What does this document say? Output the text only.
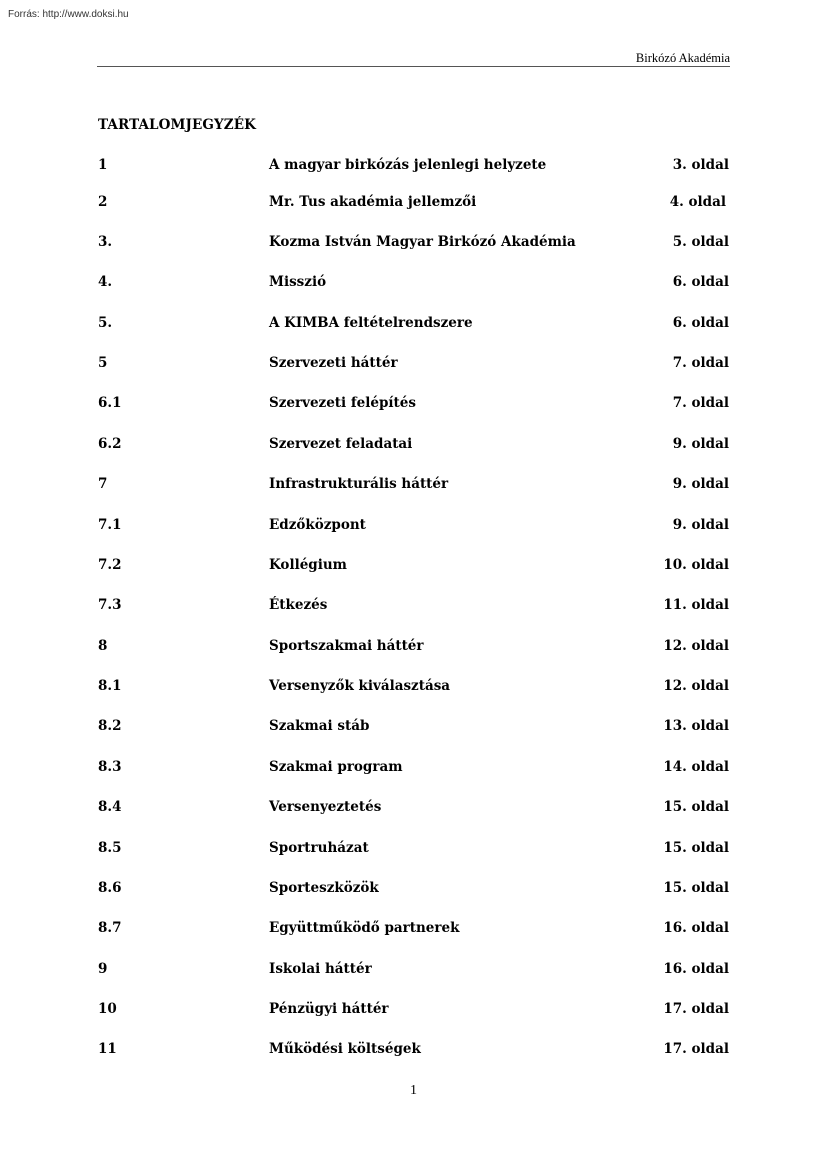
Forrás: http://www.doksi.hu
Birkózó Akadémia
TARTALOMJEGYZÉK
1	A magyar birkózás jelenlegi helyzete	3. oldal
2	Mr. Tus akadémia jellemzői	4. oldal
3.	Kozma István Magyar Birkózó Akadémia	5. oldal
4.	Misszió	6. oldal
5.	A KIMBA feltételrendszere	6. oldal
5	Szervezeti háttér	7. oldal
6.1	Szervezeti felépítés	7. oldal
6.2	Szervezet feladatai	9. oldal
7	Infrastrukturális háttér	9. oldal
7.1	Edzőközpont	9. oldal
7.2	Kollégium	10. oldal
7.3	Étkezés	11. oldal
8	Sportszakmai háttér	12. oldal
8.1	Versenyzők kiválasztása	12. oldal
8.2	Szakmai stáb	13. oldal
8.3	Szakmai program	14. oldal
8.4	Versenyeztetés	15. oldal
8.5	Sportruházat	15. oldal
8.6	Sporteszközök	15. oldal
8.7	Együttműködő partnerek	16. oldal
9	Iskolai háttér	16. oldal
10	Pénzügyi háttér	17. oldal
11	Működési költségek	17. oldal
1
